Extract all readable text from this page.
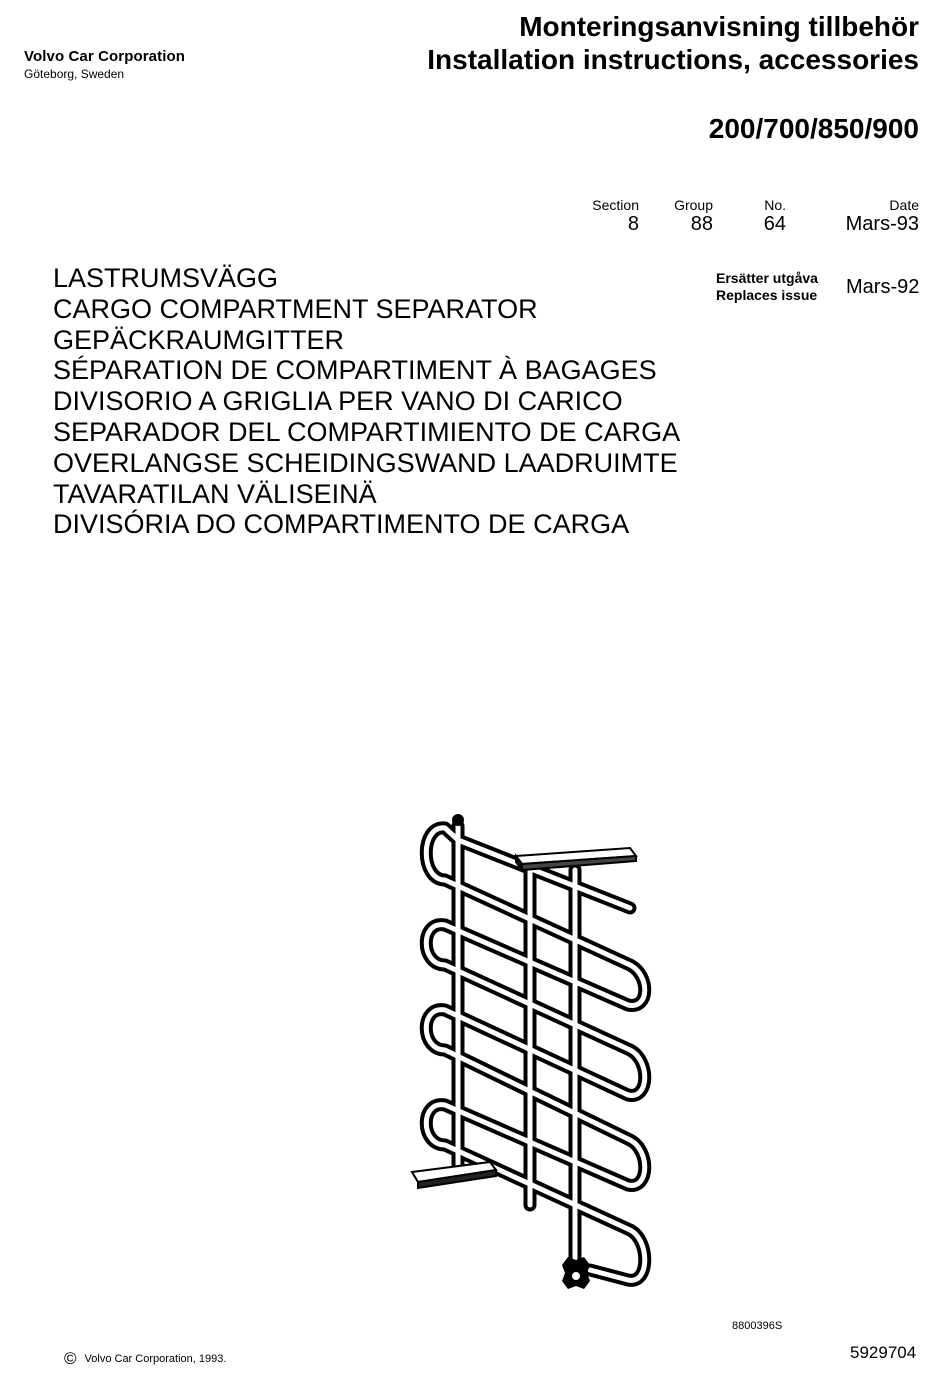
Volvo Car Corporation
Göteborg, Sweden
Monteringsanvisning tillbehör
Installation instructions, accessories
200/700/850/900
Section
8
Group
88
No.
64
Date
Mars-93
Ersätter utgåva
Replaces issue Mars-92
LASTRUMSVÄGG
CARGO COMPARTMENT SEPARATOR
GEPÄCKRAUMGITTER
SÉPARATION DE COMPARTIMENT À BAGAGES
DIVISORIO A GRIGLIA PER VANO DI CARICO
SEPARADOR DEL COMPARTIMIENTO DE CARGA
OVERLANGSE SCHEIDINGSWAND LAADRUIMTE
TAVARATILAN VÄLISEINÄ
DIVISÓRIA DO COMPARTIMENTO DE CARGA
8800396S
© Volvo Car Corporation, 1993.	5929704
